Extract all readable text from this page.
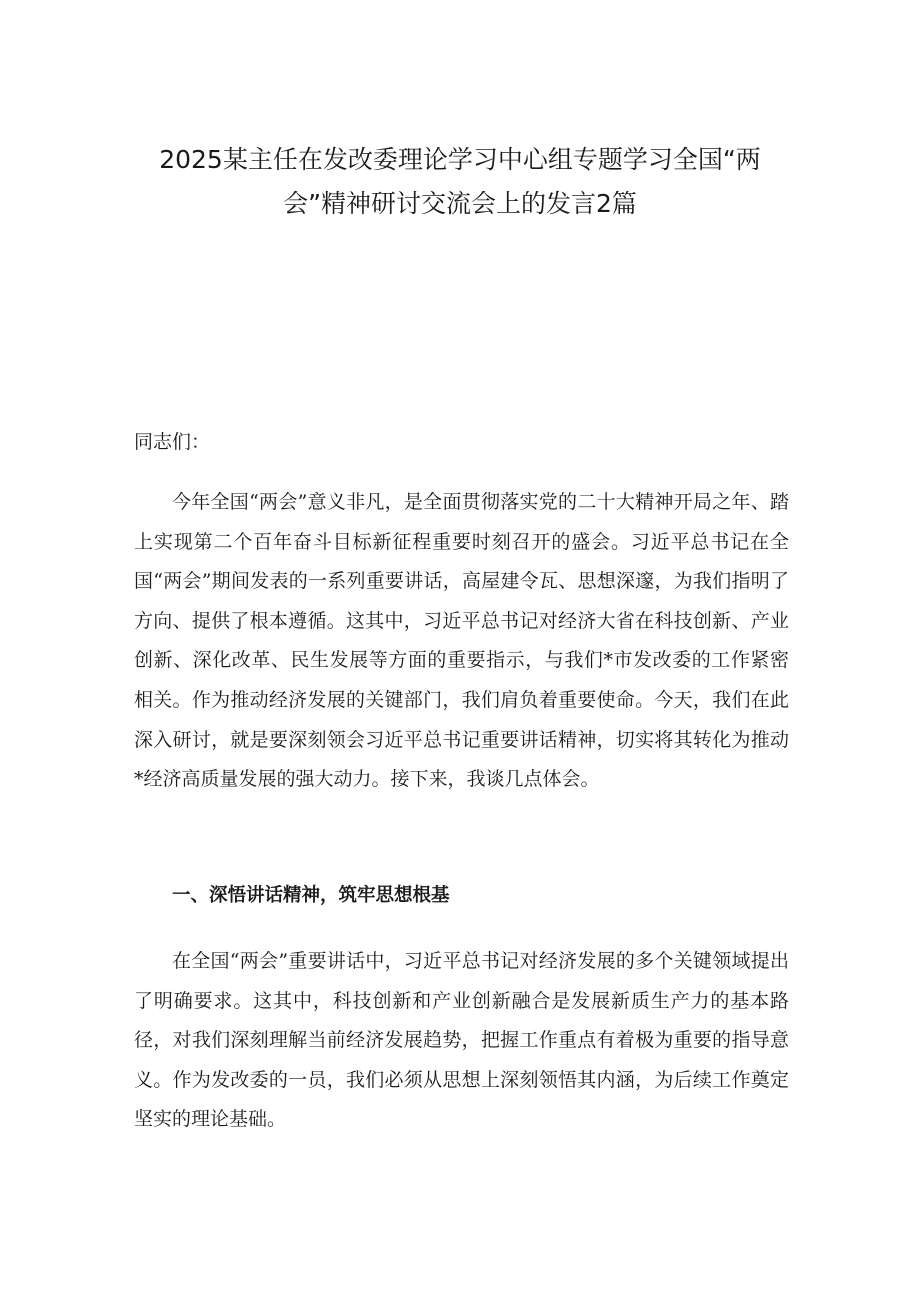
2025某主任在发改委理论学习中心组专题学习全国“两
会”精神研讨交流会上的发言2篇

同志们：

今年全国“两会”意义非凡，是全面贯彻落实党的二十大精神开局之年、踏上实现第二个百年奋斗目标新征程重要时刻召开的盛会。习近平总书记在全国“两会”期间发表的一系列重要讲话，高屋建令瓦、思想深邃，为我们指明了方向、提供了根本遵循。这其中，习近平总书记对经济大省在科技创新、产业创新、深化改革、民生发展等方面的重要指示，与我们*市发改委的工作紧密相关。作为推动经济发展的关键部门，我们肩负着重要使命。今天，我们在此深入研讨，就是要深刻领会习近平总书记重要讲话精神，切实将其转化为推动*经济高质量发展的强大动力。接下来，我谈几点体会。

一、深悟讲话精神，筑牢思想根基

在全国“两会”重要讲话中，习近平总书记对经济发展的多个关键领域提出了明确要求。这其中，科技创新和产业创新融合是发展新质生产力的基本路径，对我们深刻理解当前经济发展趋势，把握工作重点有着极为重要的指导意义。作为发改委的一员，我们必须从思想上深刻领悟其内涵，为后续工作奠定坚实的理论基础。
